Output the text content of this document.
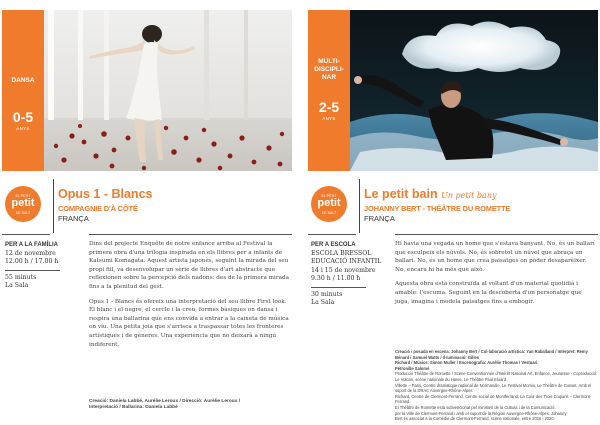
DANSA
0-5
ANYS
EL PETIT
petit
DE SALT
Opus 1 - Blancs
COMPAGNIE D'À CÔTÉ
FRANÇA
PER A LA FAMÍLIA
12 de novembre
12.00 h / 17.00 h
55 minuts
La Sala

Dins del projecte Enquête de notre enfance arriba al Festival la primera obra d'una trilogia inspirada en els llibres per a infants de Katsumi Komagata. Aquest artista japonès, seguint la mirada del seu propi fill, va desenvolupar un sèrie de llibres d'art abstracte que reflexionen sobre la percepció dels nadons: des de la primera mirada fins a la plenitud del gest.

Opus 1 - Blancs és ofereix una interpretació del seu llibre First look. El blanc i el negre, el cercle i la creu, formes bàsiques on dansa i respira una ballarina que ens convida a entrar a la caixeta de música on viu. Una petita joia que s'arrisca a traspassar totes les fronteres artístiques i de gèneres. Una experiència que no deixarà a ningú indiferent.

Creació: Daniela Labbé, Aurélie Leroux / Direcció: Aurélie Leroux /
Interpretació / Ballarina: Daniela Labbé
MULTI-
DISCIPLI-
NAR
2-5
ANYS
EL PETIT
petit
DE SALT
Le petit bain Un petit bany
JOHANNY BERT - THÉÂTRE DU ROMETTE
FRANÇA
PER A ESCOLA
ESCOLA BRESSOL
EDUCACIÓ INFANTIL
14 i 15 de novembre
9.30 h / 11.00 h
30 minuts
La Sala

Hi havia una vegada un home que s'estava banyant. No, és un ballarí que esculpeix els núvols. No, és sobretot un núvol que abraça un ballarí. No, és un home que crea paisatges on poder desaparèixer. No, encara hi ha més que això.

Aquesta obra està construïda al voltant d'un material quotidià i amable: l'escuma. Seguint en la descoberta d'un personatge que juga, imagina i modela paisatges fins a embogir.

Creació i posada en escena: Johanny Bert / Col·laboració artística: Yan Raballand / Intèrpret: Remy Bénard i Samuel Watts / Il·luminació: Gilles
Richard / Músics: Simon Muller / Escenografia: Aurélie Thomas / Vestuari:
Pétronille Salomé
Producció Théâtre de Romette / Scène Conventionnée d'Intérêt National Art, Enfance, Jeunesse · Coproducció: Le Volcan, scène nationale du Havre, Le Théâtre Paul Eluard
Villette – Paris, Centre dramatique national de Normandie, Le Festival Momix, Le Théâtre de Cusset. Amb el suport de la DRAC Auvergne-Rhône-Alpes
Richard, Centre de Clermont-Ferrand, Centre social de Montferrand, La Cour des Trois Coquins – Clermont-Ferrand.
El Théâtre de Romette està subvencionat pel ministeri de la Cultura i de la Comunicació,
per la Ville de Clermont-Ferrand i amb el suport de la Région Auvergne-Rhône-Alpes. Johanny
Bert és associat a la Comédie de Clermont-Ferrand, scène nationale, entre 2016 i 2020.
